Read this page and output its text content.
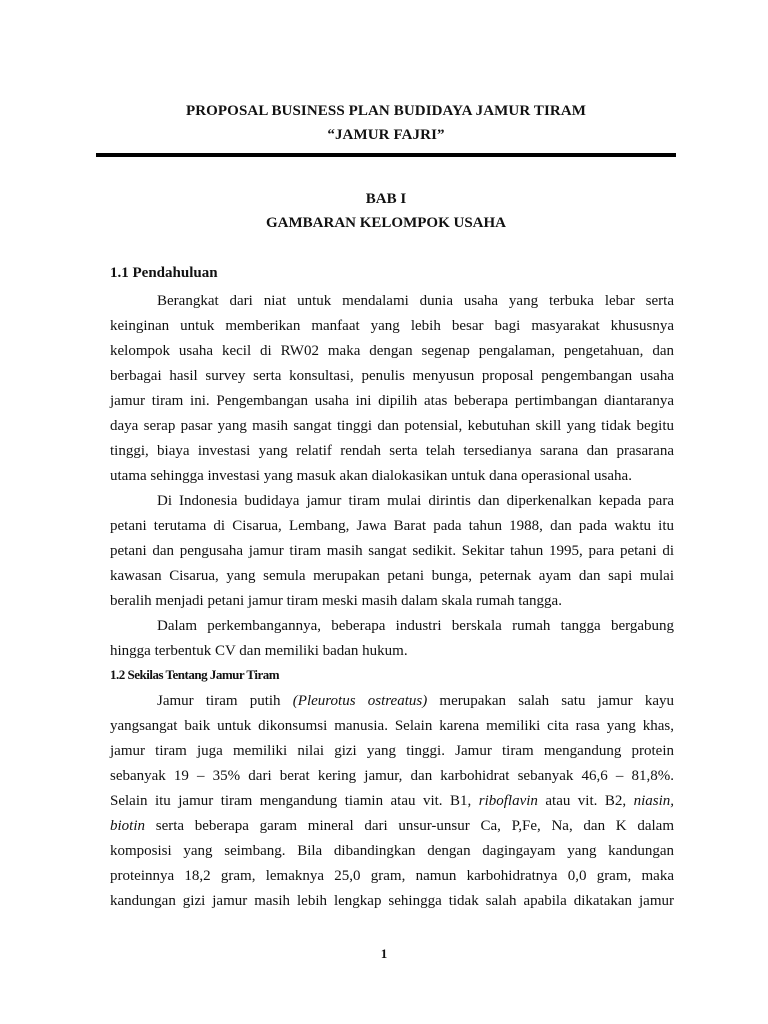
PROPOSAL BUSINESS PLAN BUDIDAYA JAMUR TIRAM
“JAMUR FAJRI”
BAB I
GAMBARAN KELOMPOK USAHA
1.1 Pendahuluan
Berangkat dari niat untuk mendalami dunia usaha yang terbuka lebar serta
keinginan untuk memberikan manfaat yang lebih besar bagi masyarakat khususnya
kelompok usaha kecil di RW02 maka dengan segenap pengalaman, pengetahuan, dan
berbagai hasil survey serta konsultasi, penulis menyusun proposal pengembangan usaha
jamur tiram ini. Pengembangan usaha ini dipilih atas beberapa pertimbangan diantaranya
daya serap pasar yang masih sangat tinggi dan potensial, kebutuhan skill yang tidak begitu
tinggi, biaya investasi yang relatif rendah serta telah tersedianya sarana dan prasarana
utama sehingga investasi yang masuk akan dialokasikan untuk dana operasional usaha.
Di Indonesia budidaya jamur tiram mulai dirintis dan diperkenalkan kepada para
petani terutama di Cisarua, Lembang, Jawa Barat pada tahun 1988, dan pada waktu itu
petani dan pengusaha jamur tiram masih sangat sedikit. Sekitar tahun 1995, para petani di
kawasan Cisarua, yang semula merupakan petani bunga, peternak ayam dan sapi mulai
beralih menjadi petani jamur tiram meski masih dalam skala rumah tangga.
Dalam perkembangannya, beberapa industri berskala rumah tangga bergabung
hingga terbentuk CV dan memiliki badan hukum.
1.2 Sekilas Tentang Jamur Tiram
Jamur tiram putih (Pleurotus ostreatus) merupakan salah satu jamur kayu
yangsangat baik untuk dikonsumsi manusia. Selain karena memiliki cita rasa yang khas,
jamur tiram juga memiliki nilai gizi yang tinggi. Jamur tiram mengandung protein
sebanyak 19 – 35% dari berat kering jamur, dan karbohidrat sebanyak 46,6 – 81,8%.
Selain itu jamur tiram mengandung tiamin atau vit. B1, riboflavin atau vit. B2, niasin,
biotin serta beberapa garam mineral dari unsur-unsur Ca, P,Fe, Na, dan K dalam
komposisi yang seimbang. Bila dibandingkan dengan dagingayam yang kandungan
proteinnya 18,2 gram, lemaknya 25,0 gram, namun karbohidratnya 0,0 gram, maka
kandungan gizi jamur masih lebih lengkap sehingga tidak salah apabila dikatakan jamur
1
